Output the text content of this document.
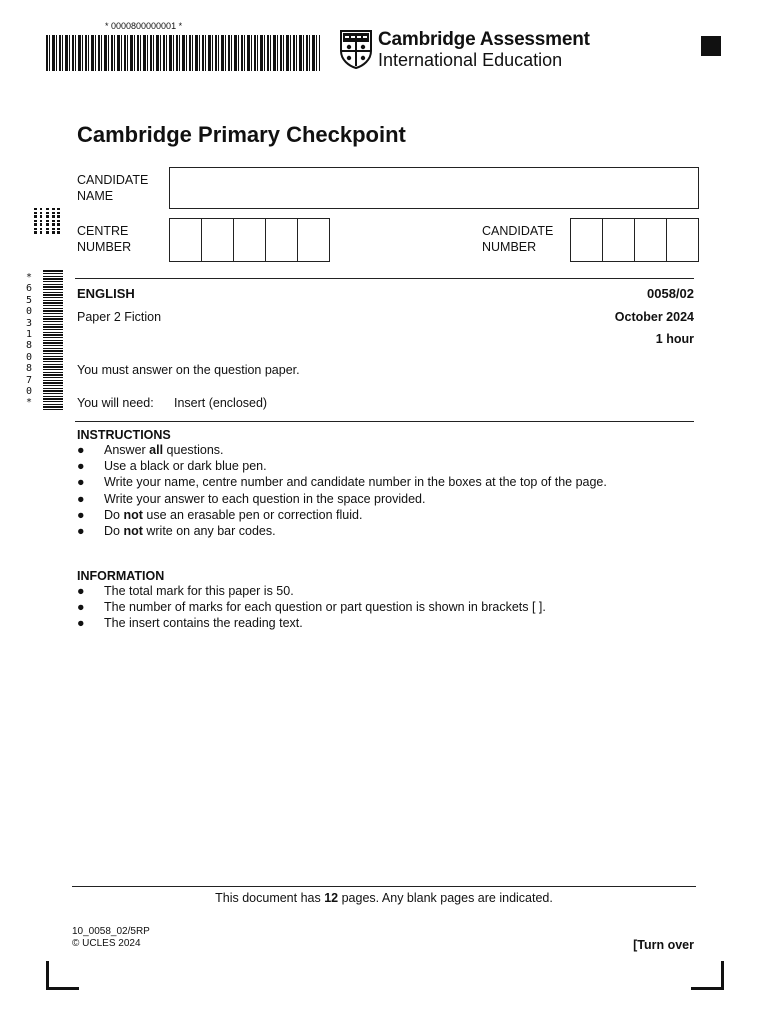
* 0000800000001 *
Cambridge Assessment
International Education
Cambridge Primary Checkpoint
CANDIDATE
NAME
CENTRE
NUMBER
CANDIDATE
NUMBER
*
6
5
0
3
1
8
0
8
7
0
*
ENGLISH	0058/02
Paper 2 Fiction	October 2024
1 hour
You must answer on the question paper.
You will need: Insert (enclosed)
INSTRUCTIONS
● Answer all questions.
● Use a black or dark blue pen.
● Write your name, centre number and candidate number in the boxes at the top of the page.
● Write your answer to each question in the space provided.
● Do not use an erasable pen or correction fluid.
● Do not write on any bar codes.
INFORMATION
● The total mark for this paper is 50.
● The number of marks for each question or part question is shown in brackets [ ].
● The insert contains the reading text.
This document has 12 pages. Any blank pages are indicated.
10_0058_02/5RP
© UCLES 2024	[Turn over
